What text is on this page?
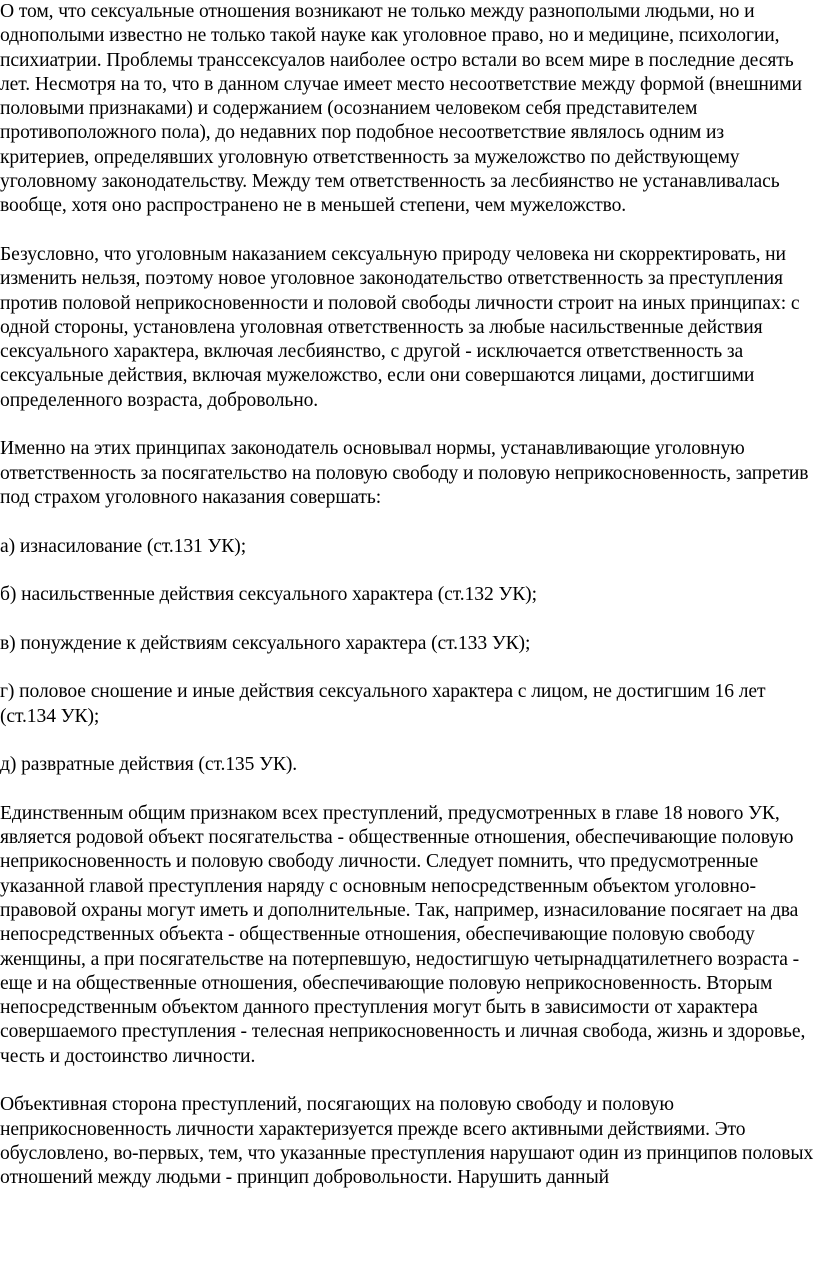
О том, что сексуальные отношения возникают не только между разнополыми людьми, но и однополыми известно не только такой науке как уголовное право, но и медицине, психологии, психиатрии. Проблемы транссексуалов наиболее остро встали во всем мире в последние десять лет. Несмотря на то, что в данном случае имеет место несоответствие между формой (внешними половыми признаками) и содержанием (осознанием человеком себя представителем противоположного пола), до недавних пор подобное несоответствие являлось одним из критериев, определявших уголовную ответственность за мужеложство по действующему уголовному законодательству. Между тем ответственность за лесбиянство не устанавливалась вообще, хотя оно распространено не в меньшей степени, чем мужеложство.

Безусловно, что уголовным наказанием сексуальную природу человека ни скорректировать, ни изменить нельзя, поэтому новое уголовное законодательство ответственность за преступления против половой неприкосновенности и половой свободы личности строит на иных принципах: с одной стороны, установлена уголовная ответственность за любые насильственные действия сексуального характера, включая лесбиянство, с другой - исключается ответственность за сексуальные действия, включая мужеложство, если они совершаются лицами, достигшими определенного возраста, добровольно.

Именно на этих принципах законодатель основывал нормы, устанавливающие уголовную ответственность за посягательство на половую свободу и половую неприкосновенность, запретив под страхом уголовного наказания совершать:

а) изнасилование (ст.131 УК);

б) насильственные действия сексуального характера (ст.132 УК);

в) понуждение к действиям сексуального характера (ст.133 УК);

г) половое сношение и иные действия сексуального характера с лицом, не достигшим 16 лет (ст.134 УК);

д) развратные действия (ст.135 УК).

Единственным общим признаком всех преступлений, предусмотренных в главе 18 нового УК, является родовой объект посягательства - общественные отношения, обеспечивающие половую неприкосновенность и половую свободу личности. Следует помнить, что предусмотренные указанной главой преступления наряду с основным непосредственным объектом уголовно-правовой охраны могут иметь и дополнительные. Так, например, изнасилование посягает на два непосредственных объекта - общественные отношения, обеспечивающие половую свободу женщины, а при посягательстве на потерпевшую, недостигшую четырнадцатилетнего возраста - еще и на общественные отношения, обеспечивающие половую неприкосновенность. Вторым непосредственным объектом данного преступления могут быть в зависимости от характера совершаемого преступления - телесная неприкосновенность и личная свобода, жизнь и здоровье, честь и достоинство личности.

Объективная сторона преступлений, посягающих на половую свободу и половую неприкосновенность личности характеризуется прежде всего активными действиями. Это обусловлено, во-первых, тем, что указанные преступления нарушают один из принципов половых отношений между людьми - принцип добровольности. Нарушить данный
